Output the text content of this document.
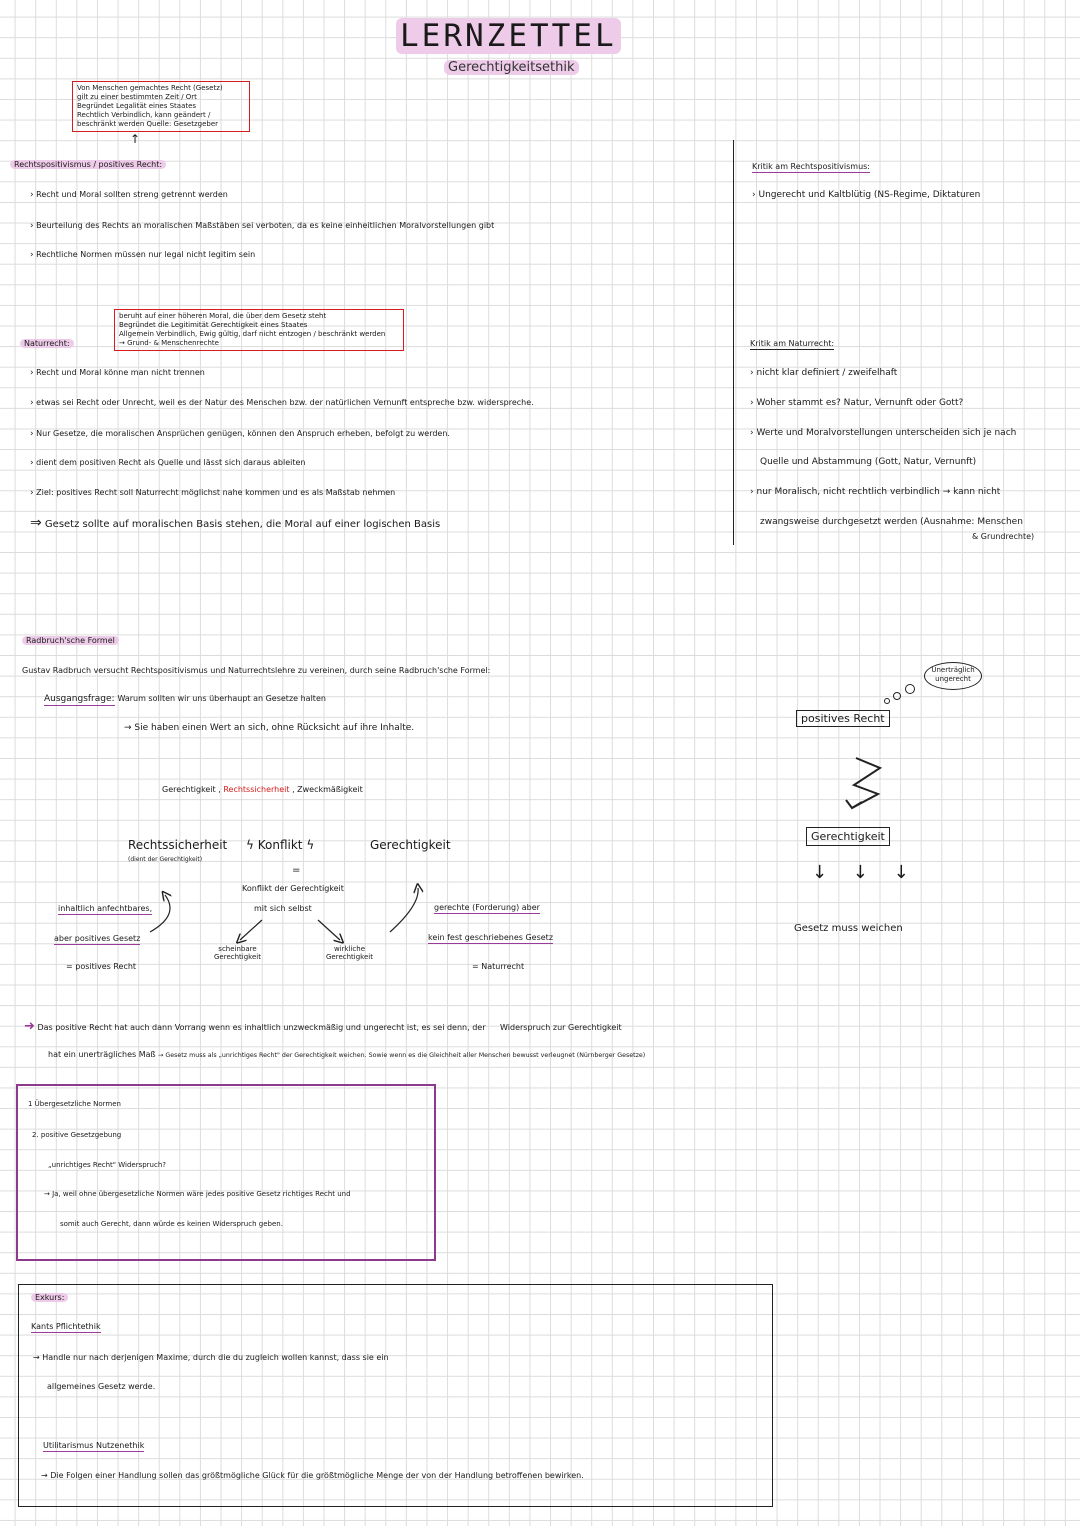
LERNZETTEL
Gerechtigkeitsethik
Von Menschen gemachtes Recht (Gesetz)
gilt zu einer bestimmten Zeit / Ort
Begründet Legalität eines Staates
Rechtlich Verbindlich, kann geändert /
beschränkt werden Quelle: Gesetzgeber
↑
Rechtspositivismus / positives Recht:
› Recht und Moral sollten streng getrennt werden
› Beurteilung des Rechts an moralischen Maßstäben sei verboten, da es keine einheitlichen Moralvorstellungen gibt
› Rechtliche Normen müssen nur legal nicht legitim sein
Kritik am Rechtspositivismus:
› Ungerecht und Kaltblütig (NS-Regime, Diktaturen
beruht auf einer höheren Moral, die über dem Gesetz steht
Begründet die Legitimität Gerechtigkeit eines Staates
Allgemein Verbindlich, Ewig gültig, darf nicht entzogen / beschränkt werden
→ Grund- & Menschenrechte
Naturrecht:
› Recht und Moral könne man nicht trennen
› etwas sei Recht oder Unrecht, weil es der Natur des Menschen bzw. der natürlichen Vernunft entspreche bzw. widerspreche.
› Nur Gesetze, die moralischen Ansprüchen genügen, können den Anspruch erheben, befolgt zu werden.
› dient dem positiven Recht als Quelle und lässt sich daraus ableiten
› Ziel: positives Recht soll Naturrecht möglichst nahe kommen und es als Maßstab nehmen
⇒ Gesetz sollte auf moralischen Basis stehen, die Moral auf einer logischen Basis
Kritik am Naturrecht:
› nicht klar definiert / zweifelhaft
› Woher stammt es? Natur, Vernunft oder Gott?
› Werte und Moralvorstellungen unterscheiden sich je nach
Quelle und Abstammung (Gott, Natur, Vernunft)
› nur Moralisch, nicht rechtlich verbindlich → kann nicht
zwangsweise durchgesetzt werden (Ausnahme: Menschen
& Grundrechte)
Radbruch'sche Formel
Gustav Radbruch versucht Rechtspositivismus und Naturrechtslehre zu vereinen, durch seine Radbruch'sche Formel:
Ausgangsfrage: Warum sollten wir uns überhaupt an Gesetze halten
→ Sie haben einen Wert an sich, ohne Rücksicht auf ihre Inhalte.
Gerechtigkeit , Rechtssicherheit , Zweckmäßigkeit
Rechtssicherheit
(dient der Gerechtigkeit)
ϟ Konflikt ϟ	Gerechtigkeit
=
Konflikt der Gerechtigkeit
mit sich selbst
scheinbare
Gerechtigkeit
wirkliche
Gerechtigkeit
inhaltlich anfechtbares,
aber positives Gesetz
= positives Recht
gerechte (Forderung) aber
kein fest geschriebenes Gesetz
= Naturrecht
Unerträglich ungerecht
positives Recht
Gerechtigkeit
↓ ↓ ↓
Gesetz muss weichen
➜ Das positive Recht hat auch dann Vorrang wenn es inhaltlich unzweckmäßig und ungerecht ist, es sei denn, der Widerspruch zur Gerechtigkeit
hat ein unerträgliches Maß → Gesetz muss als „unrichtiges Recht" der Gerechtigkeit weichen. Sowie wenn es die Gleichheit aller Menschen bewusst verleugnet (Nürnberger Gesetze)
1 Übergesetzliche Normen
2. positive Gesetzgebung
„unrichtiges Recht" Widerspruch?
→ Ja, weil ohne übergesetzliche Normen wäre jedes positive Gesetz richtiges Recht und
somit auch Gerecht, dann würde es keinen Widerspruch geben.
Exkurs:
Kants Pflichtethik
→ Handle nur nach derjenigen Maxime, durch die du zugleich wollen kannst, dass sie ein
allgemeines Gesetz werde.
Utilitarismus Nutzenethik
→ Die Folgen einer Handlung sollen das größtmögliche Glück für die größtmögliche Menge der von der Handlung betroffenen bewirken.
